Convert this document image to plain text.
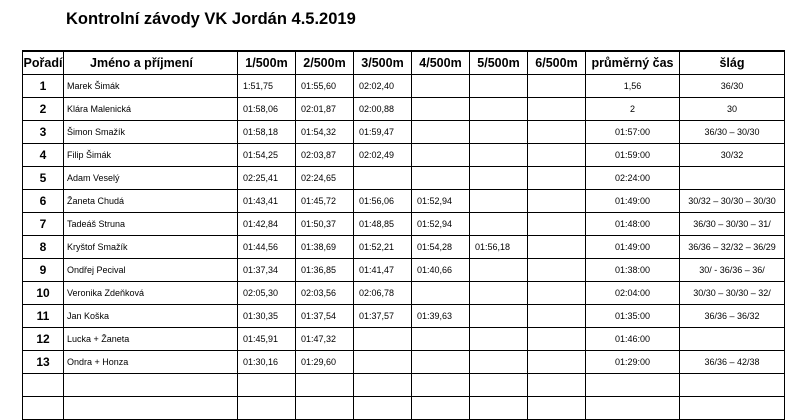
Kontrolní závody VK Jordán 4.5.2019
Pořadí	Jméno a příjmení	1/500m	2/500m	3/500m	4/500m	5/500m	6/500m	průměrný čas	šlág
1	Marek Šimák	1:51,75	01:55,60	02:02,40				1,56	36/30
2	Klára Malenická	01:58,06	02:01,87	02:00,88				2	30
3	Šimon Smažík	01:58,18	01:54,32	01:59,47				01:57:00	36/30 – 30/30
4	Filip Šimák	01:54,25	02:03,87	02:02,49				01:59:00	30/32
5	Adam Veselý	02:25,41	02:24,65					02:24:00	
6	Žaneta Chudá	01:43,41	01:45,72	01:56,06	01:52,94			01:49:00	30/32 – 30/30 – 30/30
7	Tadeáš Struna	01:42,84	01:50,37	01:48,85	01:52,94			01:48:00	36/30 – 30/30 – 31/
8	Kryštof Smažík	01:44,56	01:38,69	01:52,21	01:54,28	01:56,18		01:49:00	36/36 – 32/32 – 36/29
9	Ondřej Pecival	01:37,34	01:36,85	01:41,47	01:40,66			01:38:00	30/ - 36/36 – 36/
10	Veronika Zdeňková	02:05,30	02:03,56	02:06,78				02:04:00	30/30 – 30/30 – 32/
11	Jan Koška	01:30,35	01:37,54	01:37,57	01:39,63			01:35:00	36/36 – 36/32
12	Lucka + Žaneta	01:45,91	01:47,32					01:46:00	
13	Ondra + Honza	01:30,16	01:29,60					01:29:00	36/36 – 42/38
